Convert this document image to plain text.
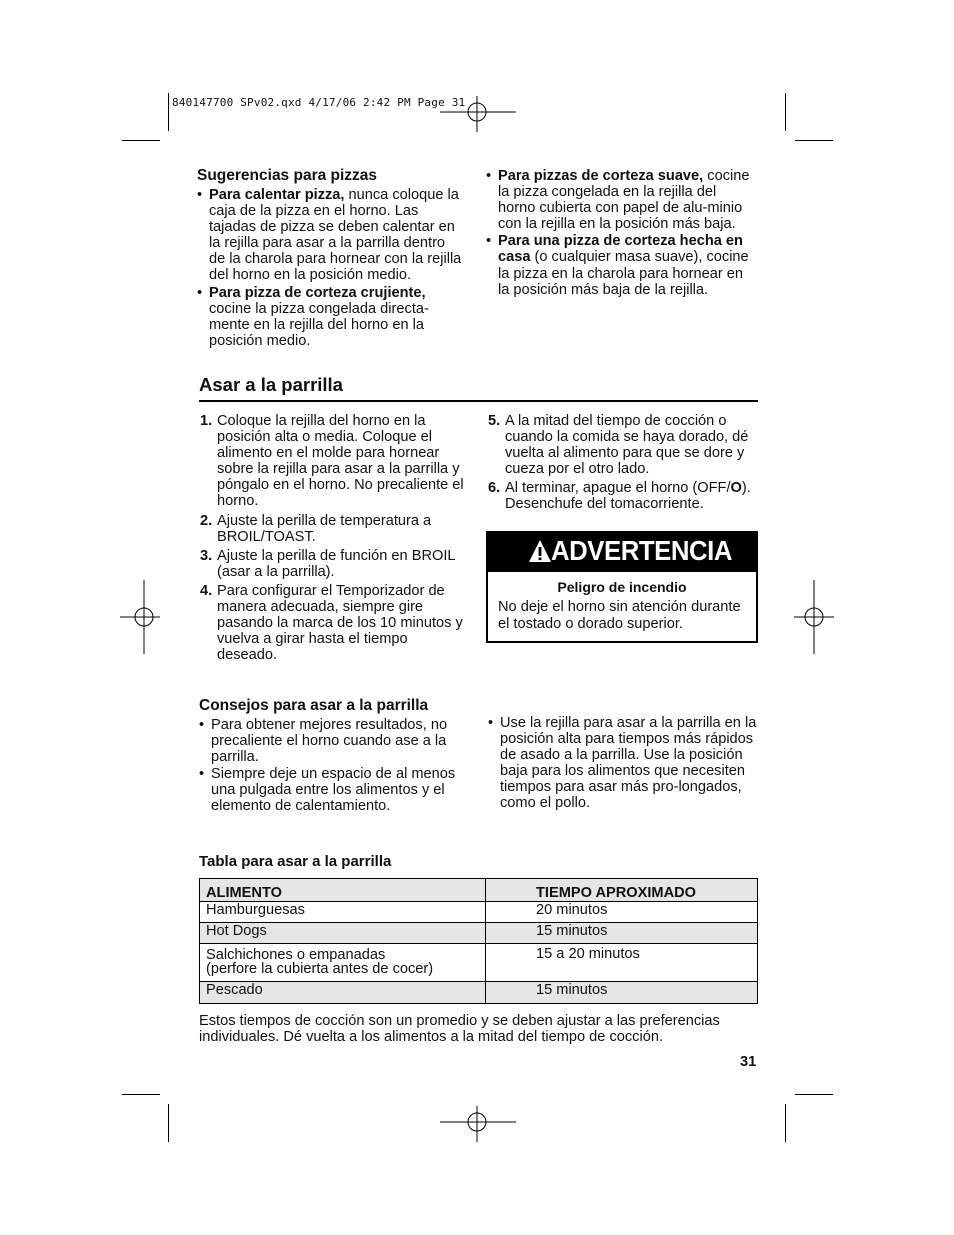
840147700 SPv02.qxd 4/17/06 2:42 PM Page 31
Sugerencias para pizzas
• Para calentar pizza, nunca coloque la caja de la pizza en el horno. Las tajadas de pizza se deben calentar en la rejilla para asar a la parrilla dentro de la charola para hornear con la rejilla del horno en la posición medio.
• Para pizza de corteza crujiente, cocine la pizza congelada directa-mente en la rejilla del horno en la posición medio.
• Para pizzas de corteza suave, cocine la pizza congelada en la rejilla del horno cubierta con papel de alu-minio con la rejilla en la posición más baja.
• Para una pizza de corteza hecha en casa (o cualquier masa suave), cocine la pizza en la charola para hornear en la posición más baja de la rejilla.
Asar a la parrilla
1. Coloque la rejilla del horno en la posición alta o media. Coloque el alimento en el molde para hornear sobre la rejilla para asar a la parrilla y póngalo en el horno. No precaliente el horno.
2. Ajuste la perilla de temperatura a BROIL/TOAST.
3. Ajuste la perilla de función en BROIL (asar a la parrilla).
4. Para configurar el Temporizador de manera adecuada, siempre gire pasando la marca de los 10 minutos y vuelva a girar hasta el tiempo deseado.
5. A la mitad del tiempo de cocción o cuando la comida se haya dorado, dé vuelta al alimento para que se dore y cueza por el otro lado.
6. Al terminar, apague el horno (OFF/O). Desenchufe del tomacorriente.
ADVERTENCIA
Peligro de incendio
No deje el horno sin atención durante el tostado o dorado superior.
Consejos para asar a la parrilla
• Para obtener mejores resultados, no precaliente el horno cuando ase a la parrilla.
• Siempre deje un espacio de al menos una pulgada entre los alimentos y el elemento de calentamiento.
• Use la rejilla para asar a la parrilla en la posición alta para tiempos más rápidos de asado a la parrilla. Use la posición baja para los alimentos que necesiten tiempos para asar más pro-longados, como el pollo.
Tabla para asar a la parrilla
ALIMENTO	TIEMPO APROXIMADO
Hamburguesas	20 minutos
Hot Dogs	15 minutos

Salchichones o empanadas
(perfore la cubierta antes de cocer)	15 a 20 minutos
Pescado	15 minutos
Estos tiempos de cocción son un promedio y se deben ajustar a las preferencias individuales. Dé vuelta a los alimentos a la mitad del tiempo de cocción.
31
